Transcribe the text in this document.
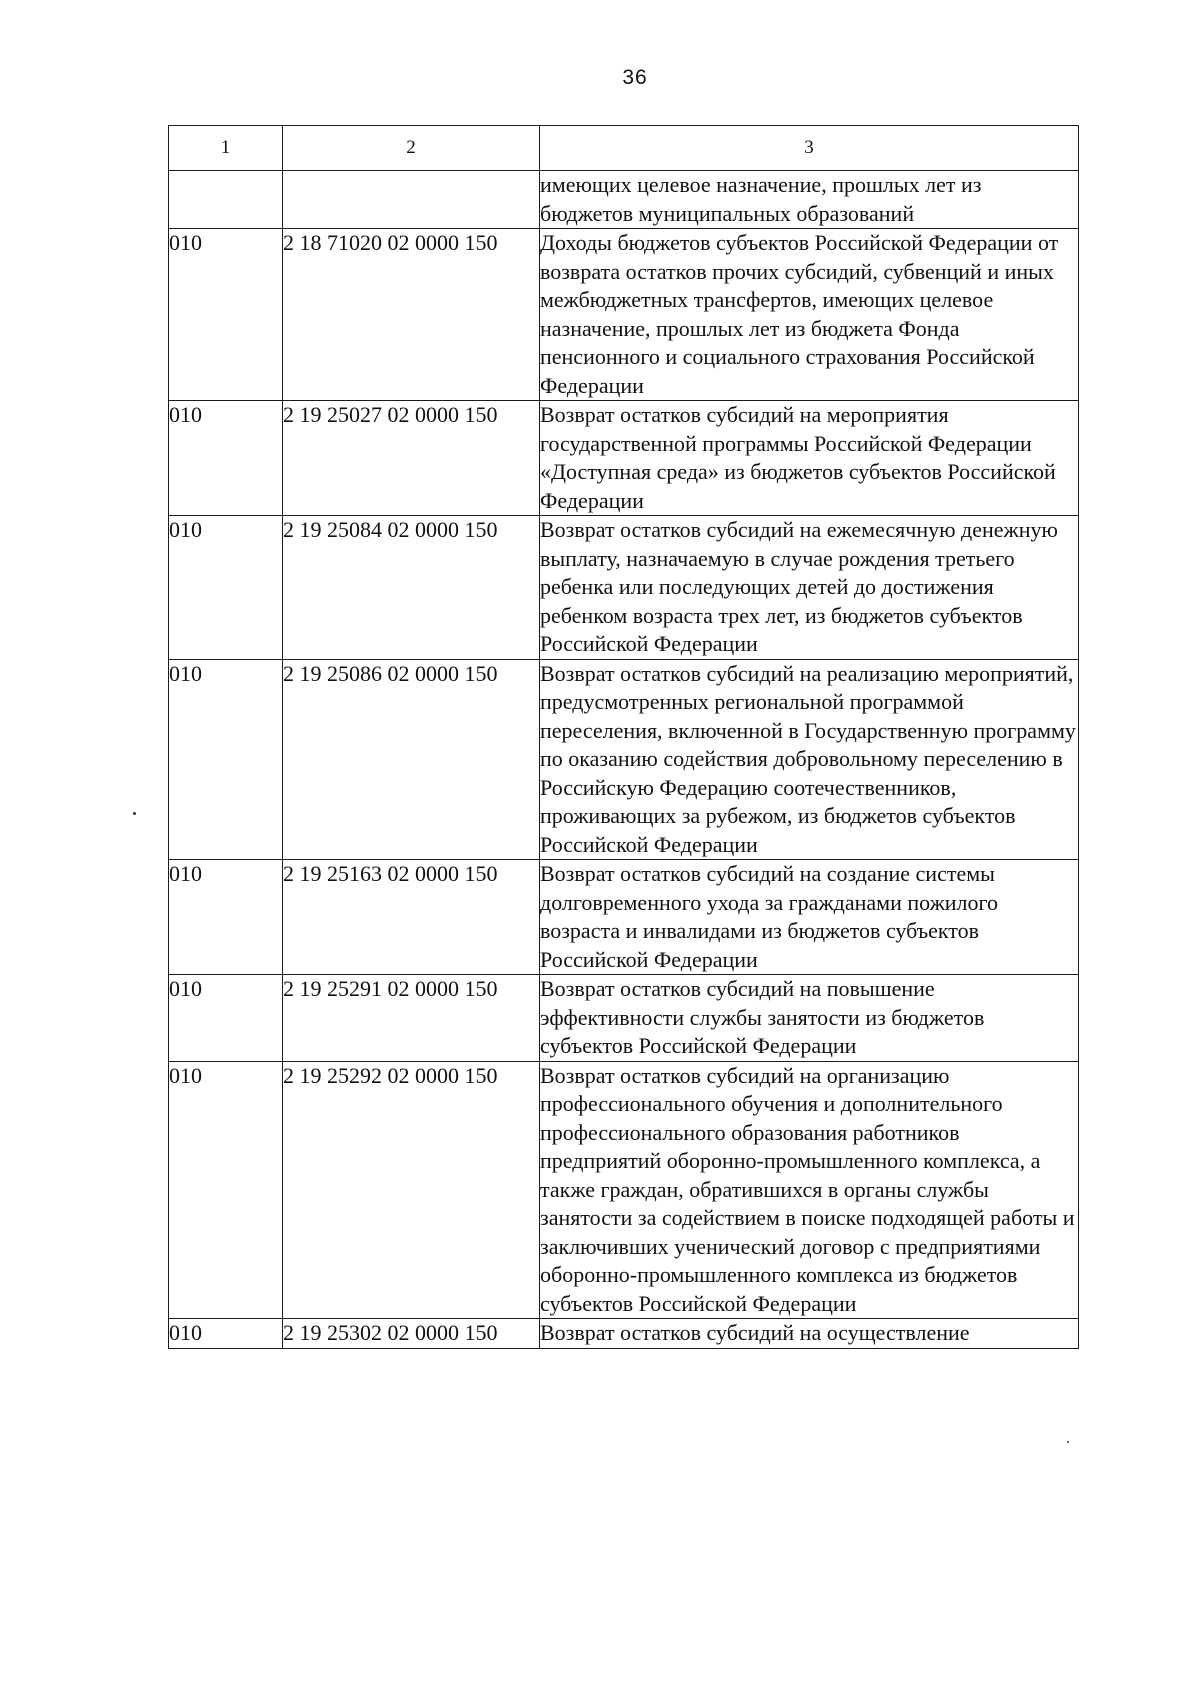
36
1	2	3
		имеющих целевое назначение, прошлых лет из бюджетов муниципальных образований
010	2 18 71020 02 0000 150	Доходы бюджетов субъектов Российской Федерации от возврата остатков прочих субсидий, субвенций и иных межбюджетных трансфертов, имеющих целевое назначение, прошлых лет из бюджета Фонда пенсионного и социального страхования Российской Федерации
010	2 19 25027 02 0000 150	Возврат остатков субсидий на мероприятия государственной программы Российской Федерации «Доступная среда» из бюджетов субъектов Российской Федерации
010	2 19 25084 02 0000 150	Возврат остатков субсидий на ежемесячную денежную выплату, назначаемую в случае рождения третьего ребенка или последующих детей до достижения ребенком возраста трех лет, из бюджетов субъектов Российской Федерации
010	2 19 25086 02 0000 150	Возврат остатков субсидий на реализацию мероприятий, предусмотренных региональной программой переселения, включенной в Государственную программу по оказанию содействия добровольному переселению в Российскую Федерацию соотечественников, проживающих за рубежом, из бюджетов субъектов Российской Федерации
010	2 19 25163 02 0000 150	Возврат остатков субсидий на создание системы долговременного ухода за гражданами пожилого возраста и инвалидами из бюджетов субъектов Российской Федерации
010	2 19 25291 02 0000 150	Возврат остатков субсидий на повышение эффективности службы занятости из бюджетов субъектов Российской Федерации
010	2 19 25292 02 0000 150	Возврат остатков субсидий на организацию профессионального обучения и дополнительного профессионального образования работников предприятий оборонно-промышленного комплекса, а также граждан, обратившихся в органы службы занятости за содействием в поиске подходящей работы и заключивших ученический договор с предприятиями оборонно-промышленного комплекса из бюджетов субъектов Российской Федерации
010	2 19 25302 02 0000 150	Возврат остатков субсидий на осуществление
